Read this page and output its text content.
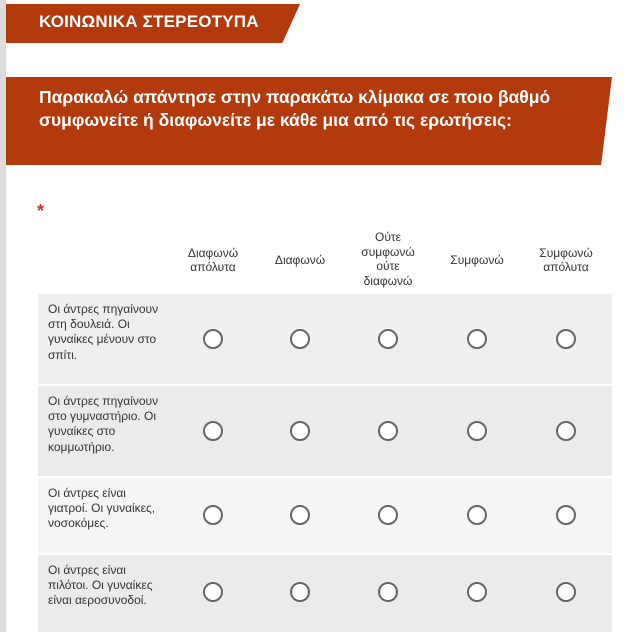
ΚΟΙΝΩΝΙΚΑ ΣΤΕΡΕΟΤΥΠΑ
Παρακαλώ απάντησε στην παρακάτω κλίμακα σε ποιο βαθμό συμφωνείτε ή διαφωνείτε με κάθε μια από τις ερωτήσεις:
*
Διαφωνώ απόλυτα
Διαφωνώ
Ούτε συμφωνώ ούτε διαφωνώ
Συμφωνώ
Συμφωνώ απόλυτα
Οι άντρες πηγαίνουν στη δουλειά. Οι γυναίκες μένουν στο σπίτι.
Οι άντρες πηγαίνουν στο γυμναστήριο. Οι γυναίκες στο κομμωτήριο.
Οι άντρες είναι γιατροί. Οι γυναίκες, νοσοκόμες.
Οι άντρες είναι πιλότοι. Οι γυναίκες είναι αεροσυνοδοί.
